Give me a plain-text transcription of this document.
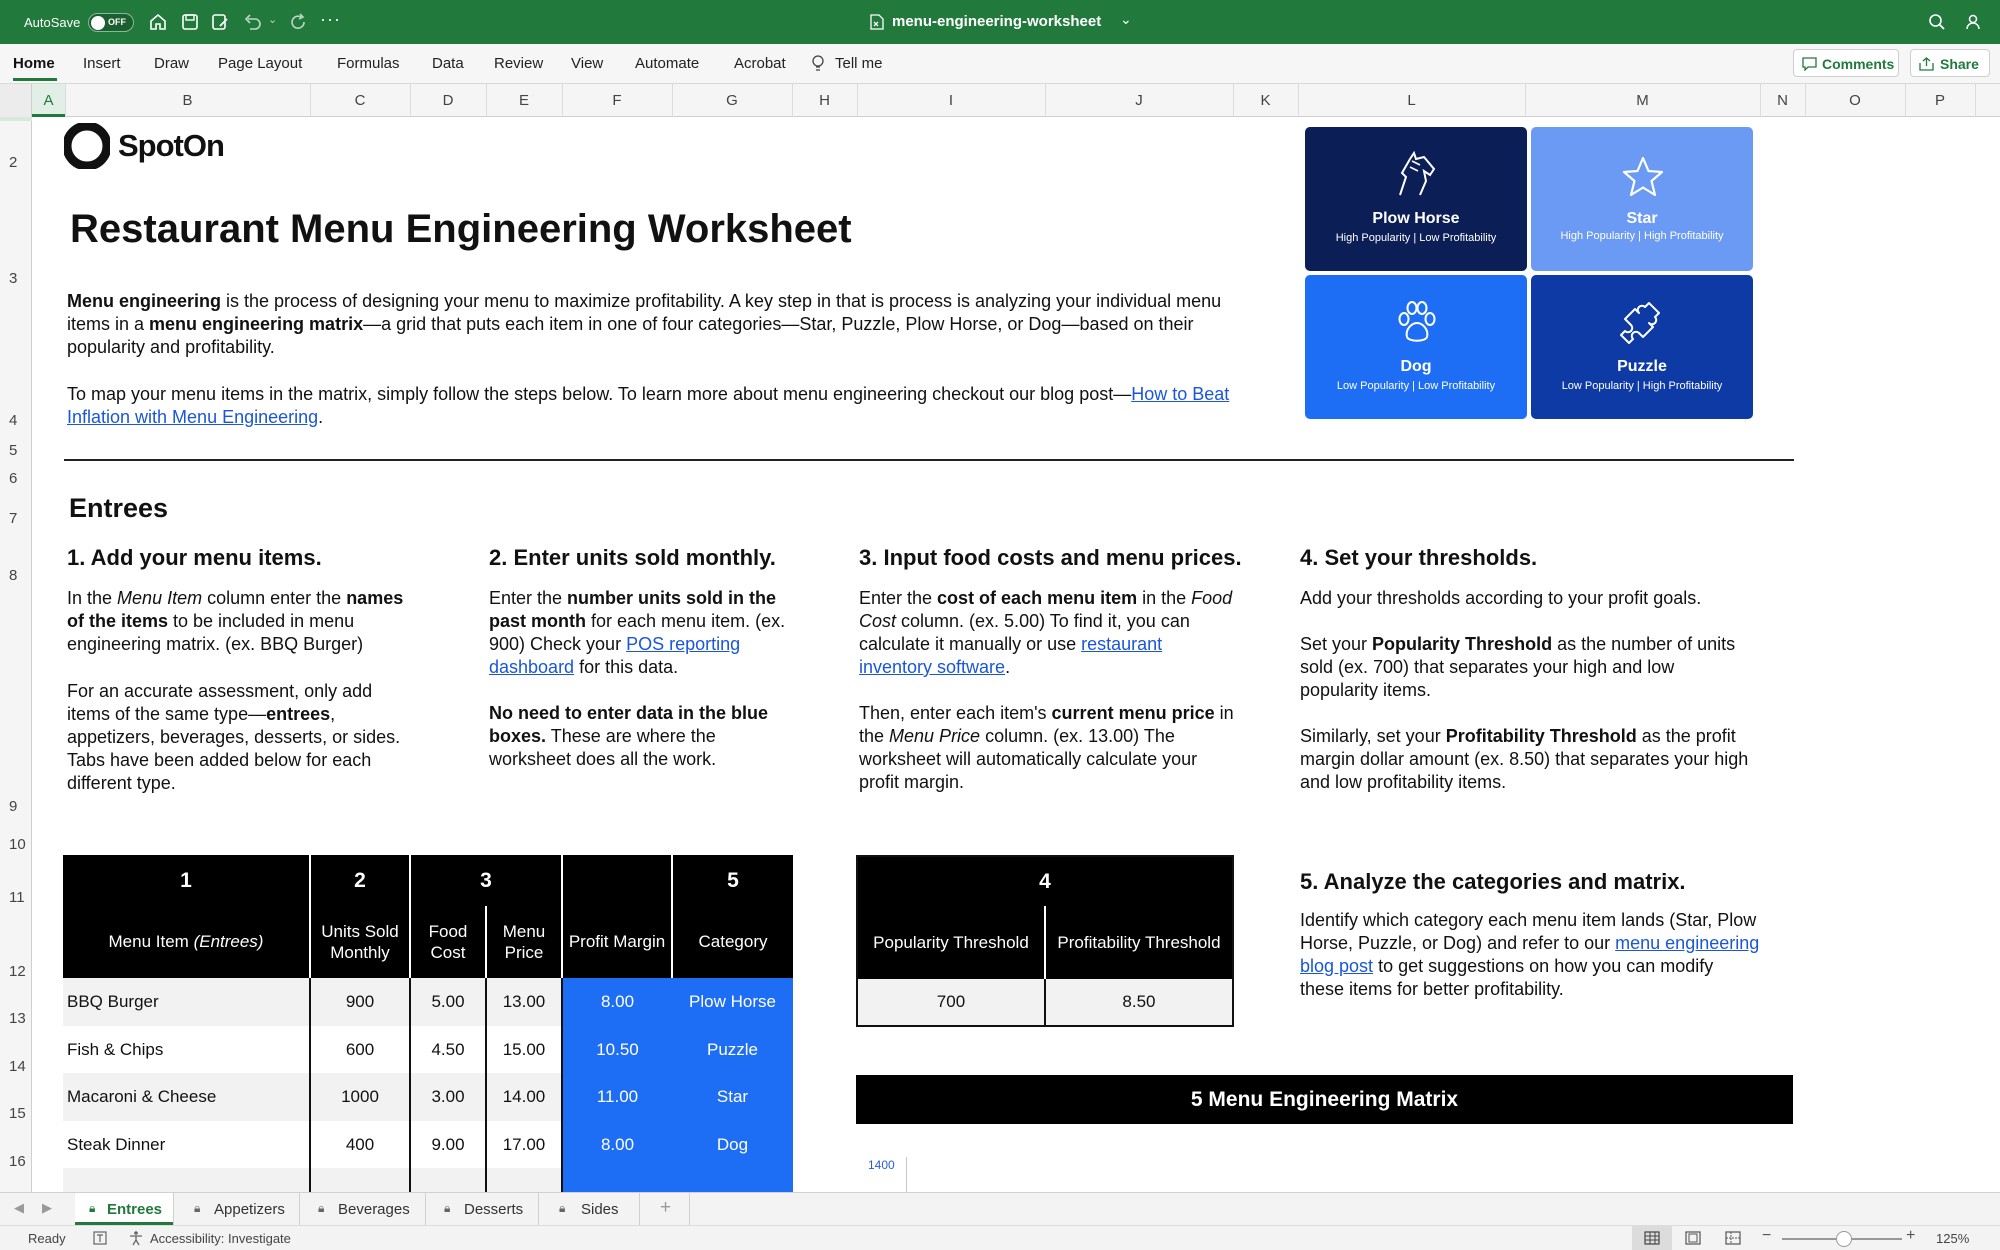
AutoSave	OFF	⌄ ···	menu-engineering-worksheet ⌄
Home Insert Draw Page Layout Formulas Data Review View Automate Acrobat	Tell me	Comments	Share
A	B	C	D	E	F	G	H	I	J	K	L	M	N	O	P
2
3
4
5
6
7
8
9
10
11
12
13
14
15
16
SpotOn
Restaurant Menu Engineering Worksheet

Menu engineering is the process of designing your menu to maximize profitability. A key step in that is process is analyzing your individual menu items in a menu engineering matrix—a grid that puts each item in one of four categories—Star, Puzzle, Plow Horse, or Dog—based on their popularity and profitability.

To map your menu items in the matrix, simply follow the steps below. To learn more about menu engineering checkout our blog post—How to Beat Inflation with Menu Engineering.

Plow Horse
High Popularity | Low Profitability
Star
High Popularity | High Profitability
Dog
Low Popularity | Low Profitability
Puzzle
Low Popularity | High Profitability
Entrees
1. Add your menu items.

In the Menu Item column enter the names of the items to be included in menu engineering matrix. (ex. BBQ Burger)

For an accurate assessment, only add items of the same type—entrees, appetizers, beverages, desserts, or sides. Tabs have been added below for each different type.

2. Enter units sold monthly.

Enter the number units sold in the past month for each menu item. (ex. 900) Check your POS reporting dashboard for this data.

No need to enter data in the blue boxes. These are where the worksheet does all the work.

3. Input food costs and menu prices.

Enter the cost of each menu item in the Food Cost column. (ex. 5.00) To find it, you can calculate it manually or use restaurant inventory software.

Then, enter each item's current menu price in the Menu Price column. (ex. 13.00) The worksheet will automatically calculate your profit margin.

4. Set your thresholds.

Add your thresholds according to your profit goals.

Set your Popularity Threshold as the number of units sold (ex. 700) that separates your high and low popularity items.

Similarly, set your Profitability Threshold as the profit margin dollar amount (ex. 8.50) that separates your high and low profitability items.

5. Analyze the categories and matrix.

Identify which category each menu item lands (Star, Plow Horse, Puzzle, or Dog) and refer to our menu engineering blog post to get suggestions on how you can modify these items for better profitability.

1	2	3			5
Menu Item (Entrees)	Units Sold Monthly	Food Cost	Menu Price	Profit Margin	Category
BBQ Burger	900	5.00	13.00	8.00	Plow Horse
Fish & Chips	600	4.50	15.00	10.50	Puzzle
Macaroni & Cheese	1000	3.00	14.00	11.00	Star
Steak Dinner	400	9.00	17.00	8.00	Dog

4	
Popularity Threshold	Profitability Threshold
700	8.50
5 Menu Engineering Matrix
1400
◀ ▶	🔒︎ Entrees	🔒︎ Appetizers	🔒︎ Beverages	🔒︎ Desserts	🔒︎ Sides +
Ready	Accessibility: Investigate	−	+ 125%
